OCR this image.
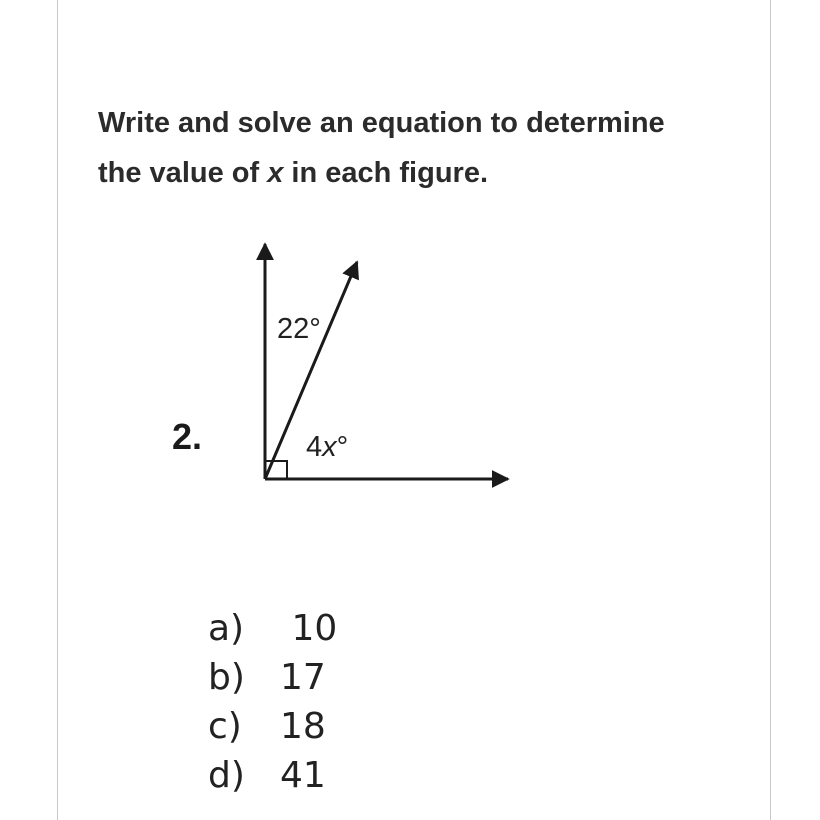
Write and solve an equation to determine
the value of x in each figure.
2.
22°
4x°
a) 10
b) 17
c) 18
d) 41
